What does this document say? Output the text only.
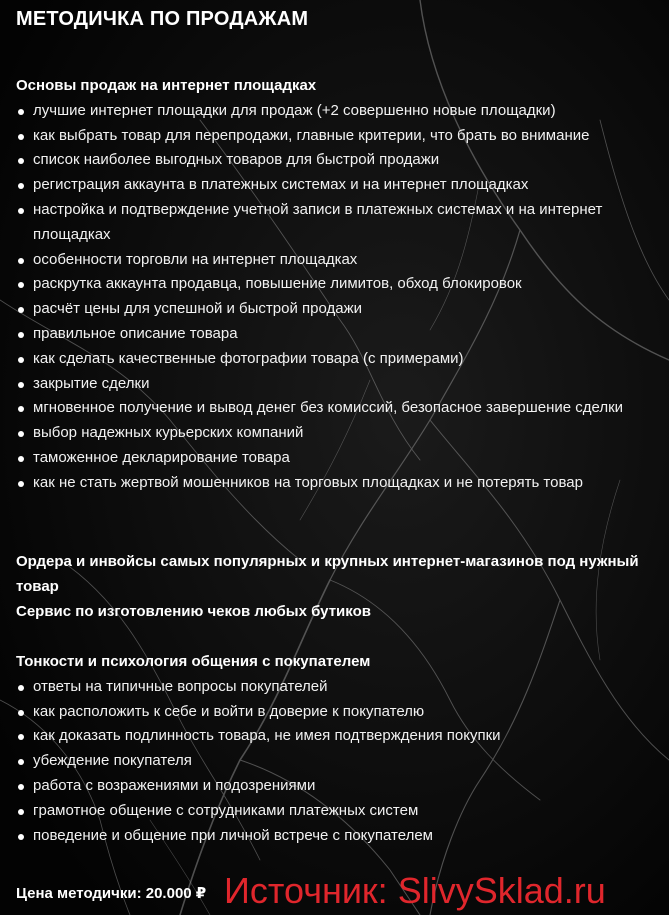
МЕТОДИЧКА ПО ПРОДАЖАМ

Основы продаж на интернет площадках

лучшие интернет площадки для продаж (+2 совершенно новые площадки)
как выбрать товар для перепродажи, главные критерии, что брать во внимание
список наиболее выгодных товаров для быстрой продажи
регистрация аккаунта в платежных системах и на интернет площадках
настройка и подтверждение учетной записи в платежных системах и на интернет площадках
особенности торговли на интернет площадках
раскрутка аккаунта продавца, повышение лимитов, обход блокировок
расчёт цены для успешной и быстрой продажи
правильное описание товара
как сделать качественные фотографии товара (с примерами)
закрытие сделки
мгновенное получение и вывод денег без комиссий, безопасное завершение сделки
выбор надежных курьерских компаний
таможенное декларирование товара
как не стать жертвой мошенников на торговых площадках и не потерять товар

Ордера и инвойсы самых популярных и крупных интернет-магазинов под нужный товар

Сервис по изготовлению чеков любых бутиков

Тонкости и психология общения с покупателем

ответы на типичные вопросы покупателей
как расположить к себе и войти в доверие к покупателю
как доказать подлинность товара, не имея подтверждения покупки
убеждение покупателя
работа с возражениями и подозрениями
грамотное общение с сотрудниками платежных систем
поведение и общение при личной встрече с покупателем

Цена методички: 20.000 ₽ Источник: SlivySklad.ru
